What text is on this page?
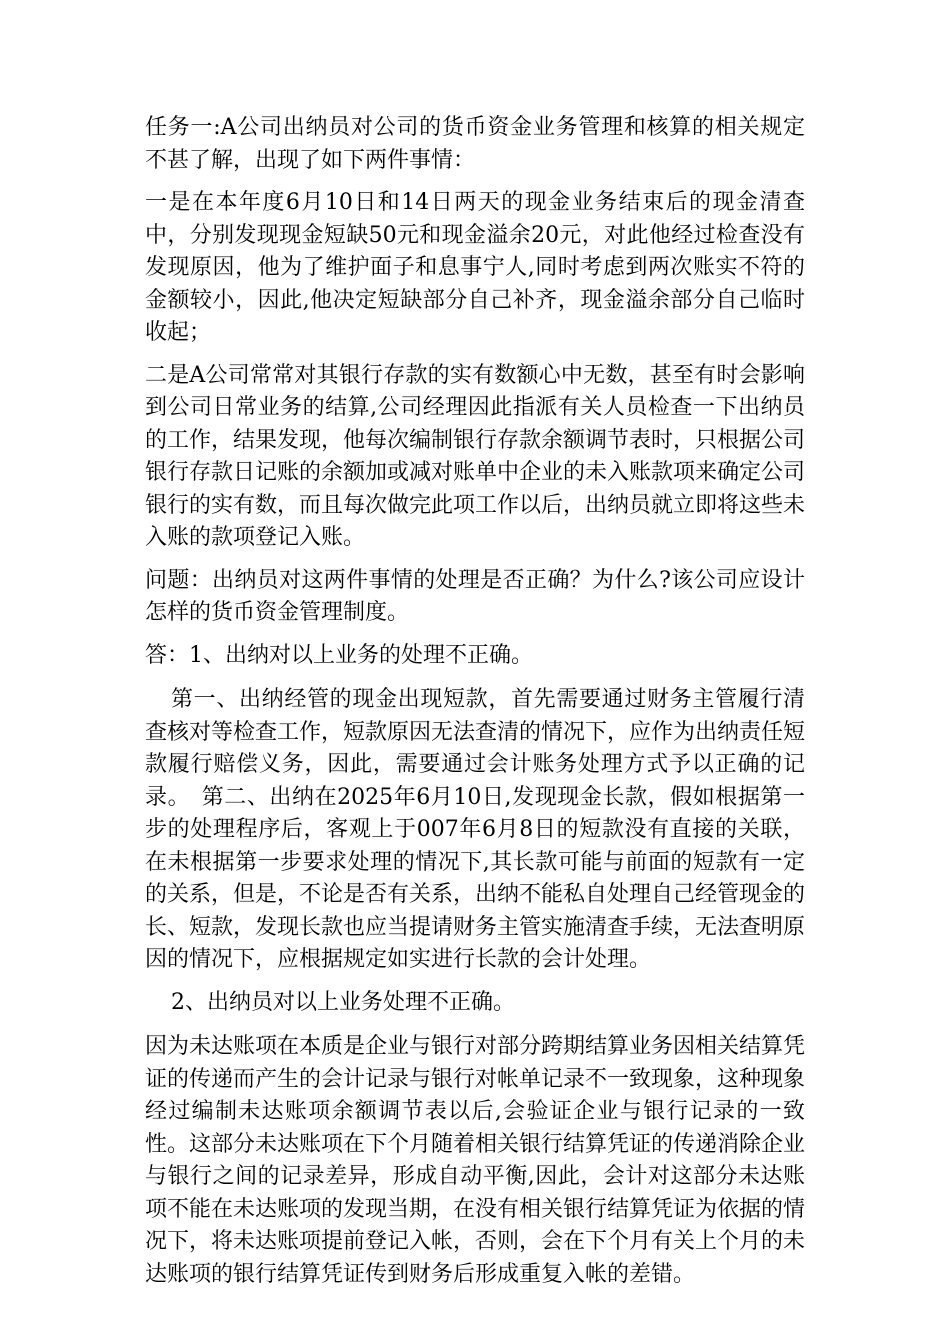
任务一:A公司出纳员对公司的货币资金业务管理和核算的相关规定不甚了解，出现了如下两件事情：

一是在本年度6月10日和14日两天的现金业务结束后的现金清查中，分别发现现金短缺50元和现金溢余20元，对此他经过检查没有发现原因，他为了维护面子和息事宁人,同时考虑到两次账实不符的金额较小，因此,他决定短缺部分自己补齐，现金溢余部分自己临时收起；

二是A公司常常对其银行存款的实有数额心中无数，甚至有时会影响到公司日常业务的结算,公司经理因此指派有关人员检查一下出纳员的工作，结果发现，他每次编制银行存款余额调节表时，只根据公司银行存款日记账的余额加或减对账单中企业的未入账款项来确定公司银行的实有数，而且每次做完此项工作以后，出纳员就立即将这些未入账的款项登记入账。

问题：出纳员对这两件事情的处理是否正确？为什么?该公司应设计怎样的货币资金管理制度。

答：1、出纳对以上业务的处理不正确。

第一、出纳经管的现金出现短款，首先需要通过财务主管履行清查核对等检查工作，短款原因无法查清的情况下，应作为出纳责任短款履行赔偿义务，因此，需要通过会计账务处理方式予以正确的记录。　第二、出纳在2025年6月10日,发现现金长款，假如根据第一步的处理程序后，客观上于007年6月8日的短款没有直接的关联，在未根据第一步要求处理的情况下,其长款可能与前面的短款有一定的关系，但是，不论是否有关系，出纳不能私自处理自己经管现金的长、短款，发现长款也应当提请财务主管实施清查手续，无法查明原因的情况下，应根据规定如实进行长款的会计处理。

2、出纳员对以上业务处理不正确。

因为未达账项在本质是企业与银行对部分跨期结算业务因相关结算凭证的传递而产生的会计记录与银行对帐单记录不一致现象，这种现象经过编制未达账项余额调节表以后,会验证企业与银行记录的一致性。这部分未达账项在下个月随着相关银行结算凭证的传递消除企业与银行之间的记录差异，形成自动平衡,因此，会计对这部分未达账项不能在未达账项的发现当期，在没有相关银行结算凭证为依据的情况下，将未达账项提前登记入帐，否则，会在下个月有关上个月的未达账项的银行结算凭证传到财务后形成重复入帐的差错。
